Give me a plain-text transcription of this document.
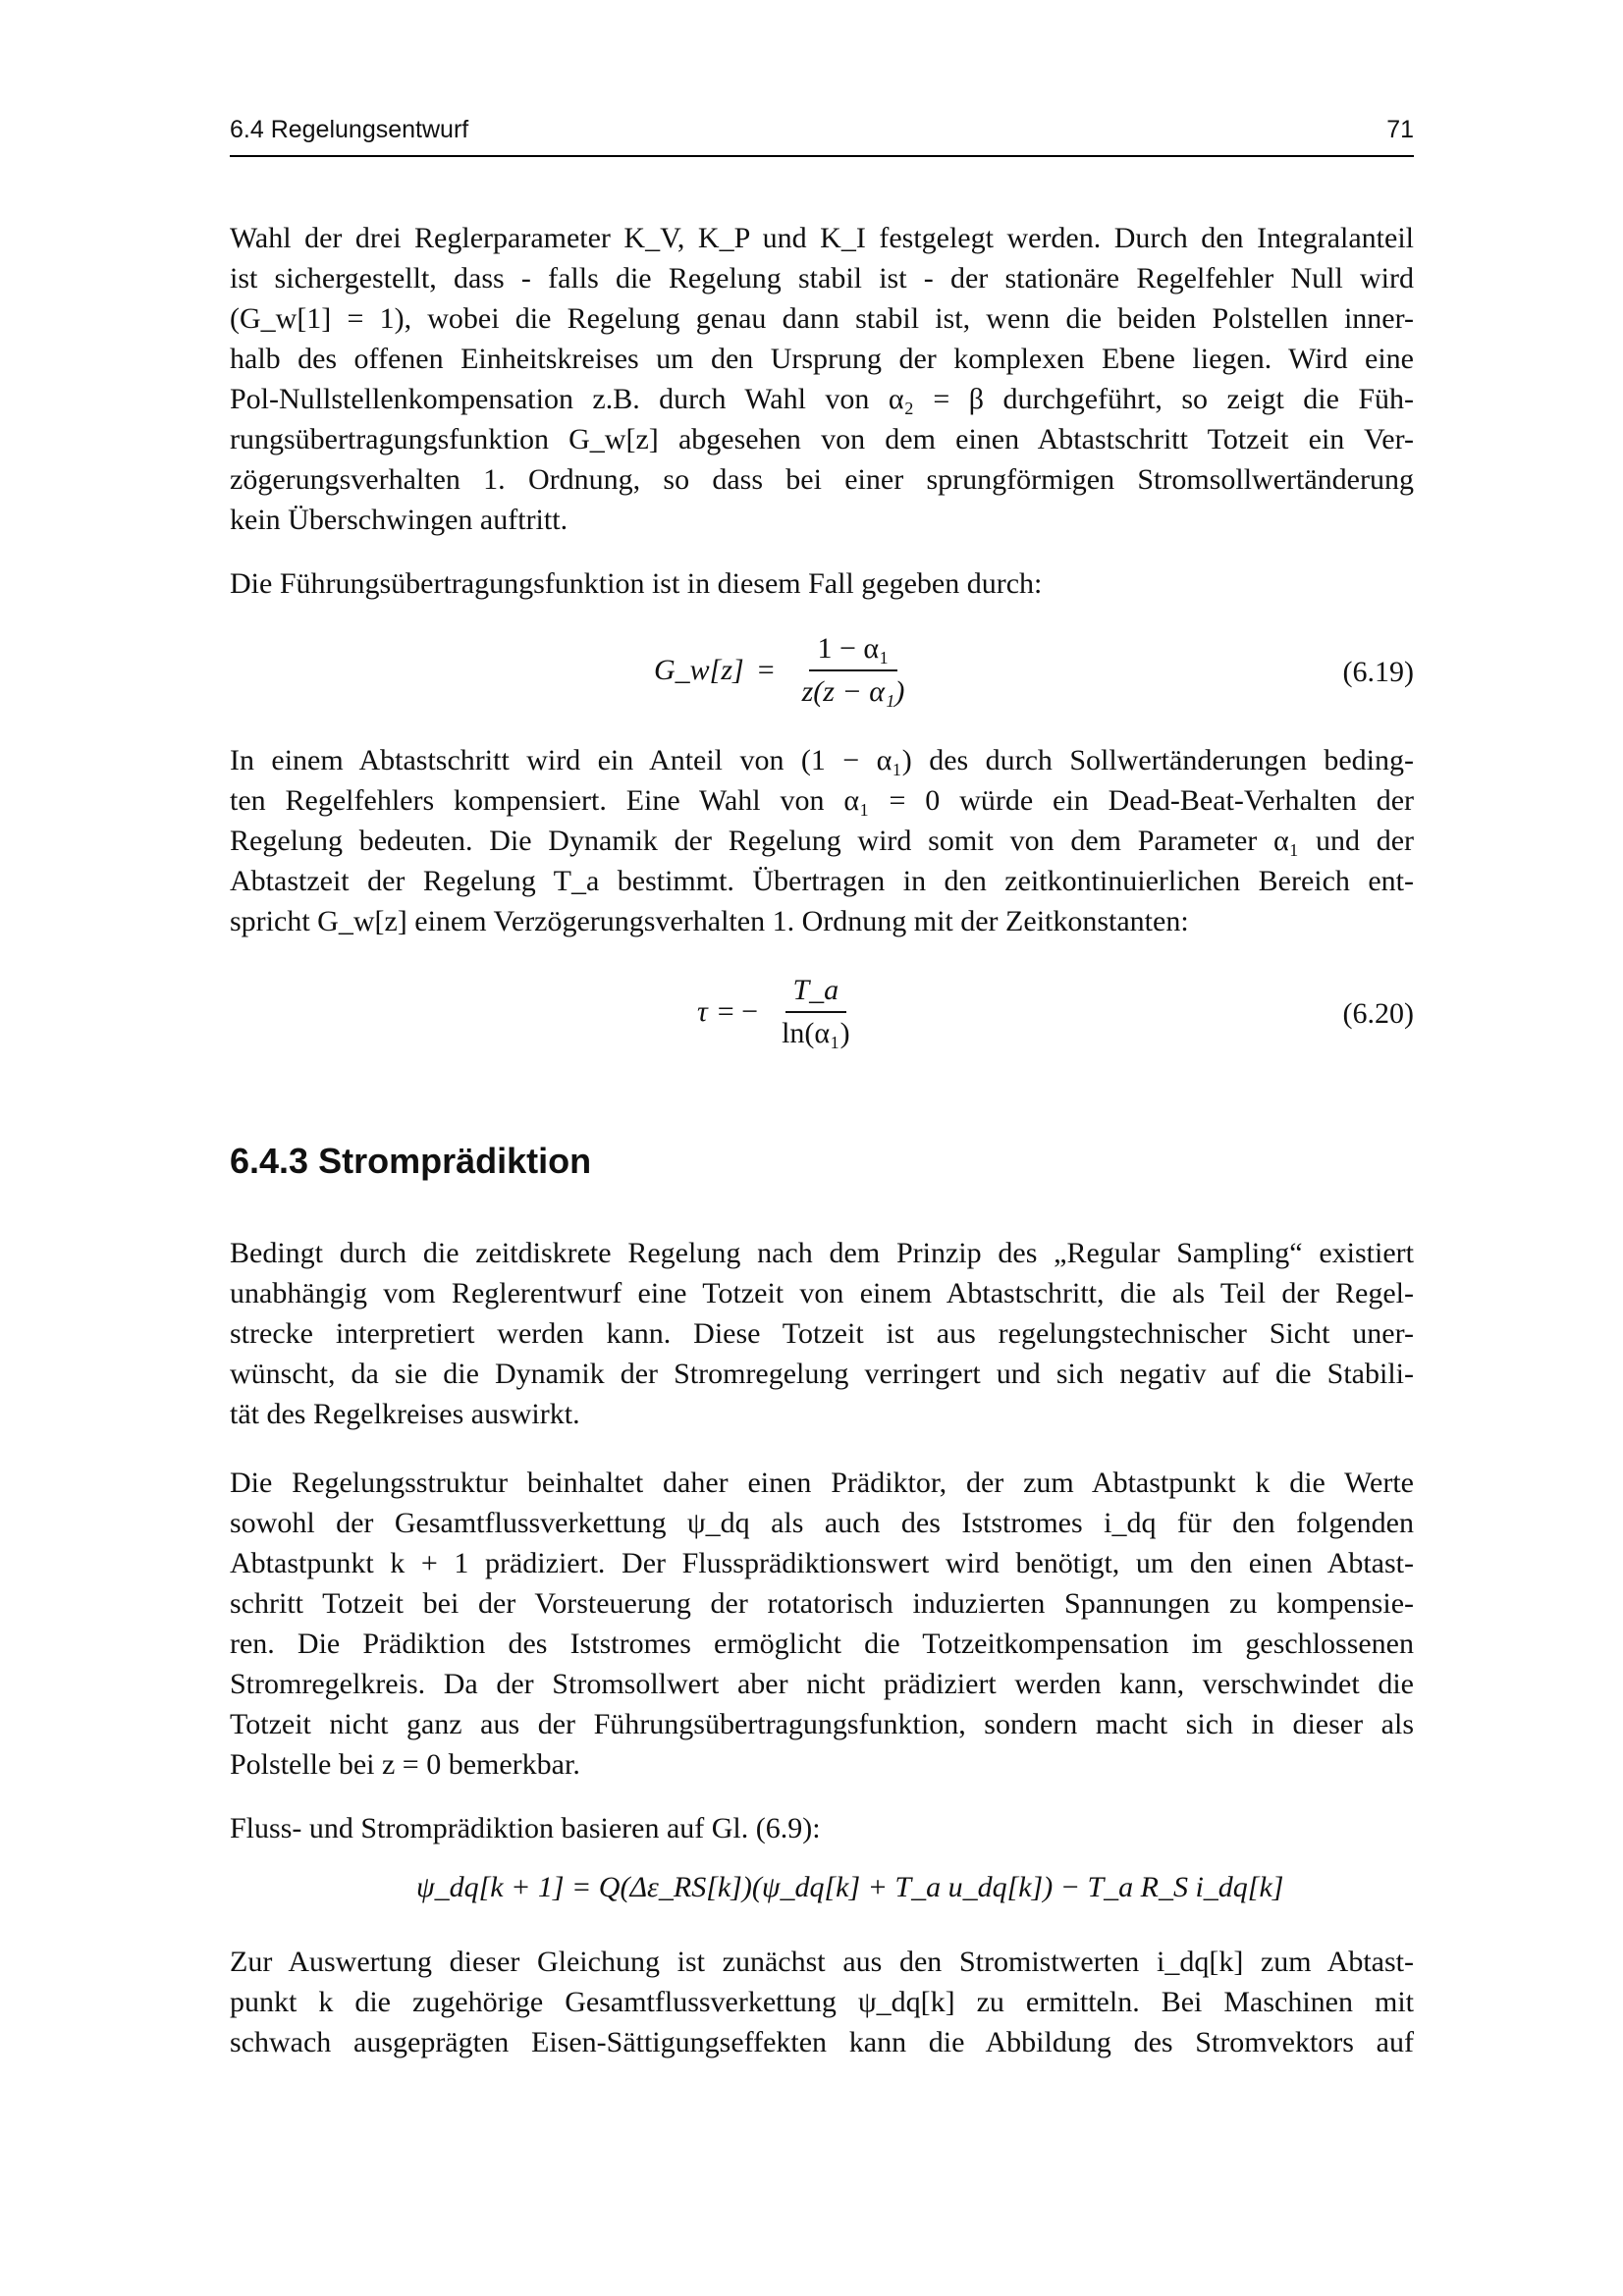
6.4 Regelungsentwurf	71
Wahl der drei Reglerparameter K_V, K_P und K_I festgelegt werden. Durch den Integralanteil
ist sichergestellt, dass - falls die Regelung stabil ist - der stationäre Regelfehler Null wird
(G_w[1] = 1), wobei die Regelung genau dann stabil ist, wenn die beiden Polstellen inner-
halb des offenen Einheitskreises um den Ursprung der komplexen Ebene liegen. Wird eine
Pol-Nullstellenkompensation z.B. durch Wahl von α₂ = β durchgeführt, so zeigt die Füh-
rungsübertragungsfunktion G_w[z] abgesehen von dem einen Abtastschritt Totzeit ein Ver-
zögerungsverhalten 1. Ordnung, so dass bei einer sprungförmigen Stromsollwertänderung
kein Überschwingen auftritt.
Die Führungsübertragungsfunktion ist in diesem Fall gegeben durch:
G_w[z] = $\frac{\text{1 − α₁}}{\text{z(z − α₁)}}$	(6.19)
In einem Abtastschritt wird ein Anteil von (1 − α₁) des durch Sollwertänderungen beding-
ten Regelfehlers kompensiert. Eine Wahl von α₁ = 0 würde ein Dead-Beat-Verhalten der
Regelung bedeuten. Die Dynamik der Regelung wird somit von dem Parameter α₁ und der
Abtastzeit der Regelung T_a bestimmt. Übertragen in den zeitkontinuierlichen Bereich ent-
spricht G_w[z] einem Verzögerungsverhalten 1. Ordnung mit der Zeitkonstanten:
τ = − $\frac{T\_a}{\text{ln(α₁)}}$	(6.20)
6.4.3 Stromprädiktion
Bedingt durch die zeitdiskrete Regelung nach dem Prinzip des „Regular Sampling“ existiert
unabhängig vom Reglerentwurf eine Totzeit von einem Abtastschritt, die als Teil der Regel-
strecke interpretiert werden kann. Diese Totzeit ist aus regelungstechnischer Sicht uner-
wünscht, da sie die Dynamik der Stromregelung verringert und sich negativ auf die Stabili-
tät des Regelkreises auswirkt.
Die Regelungsstruktur beinhaltet daher einen Prädiktor, der zum Abtastpunkt k die Werte
sowohl der Gesamtflussverkettung ψ_dq als auch des Iststromes i_dq für den folgenden
Abtastpunkt k + 1 prädiziert. Der Flussprädiktionswert wird benötigt, um den einen Abtast-
schritt Totzeit bei der Vorsteuerung der rotatorisch induzierten Spannungen zu kompensie-
ren. Die Prädiktion des Iststromes ermöglicht die Totzeitkompensation im geschlossenen
Stromregelkreis. Da der Stromsollwert aber nicht prädiziert werden kann, verschwindet die
Totzeit nicht ganz aus der Führungsübertragungsfunktion, sondern macht sich in dieser als
Polstelle bei z = 0 bemerkbar.
Fluss- und Stromprädiktion basieren auf Gl. (6.9):
ψ_dq[k + 1] = Q(Δε_RS[k])(ψ_dq[k] + T_a u_dq[k]) − T_a R_S i_dq[k]
Zur Auswertung dieser Gleichung ist zunächst aus den Stromistwerten i_dq[k] zum Abtast-
punkt k die zugehörige Gesamtflussverkettung ψ_dq[k] zu ermitteln. Bei Maschinen mit
schwach ausgeprägten Eisen-Sättigungseffekten kann die Abbildung des Stromvektors auf
